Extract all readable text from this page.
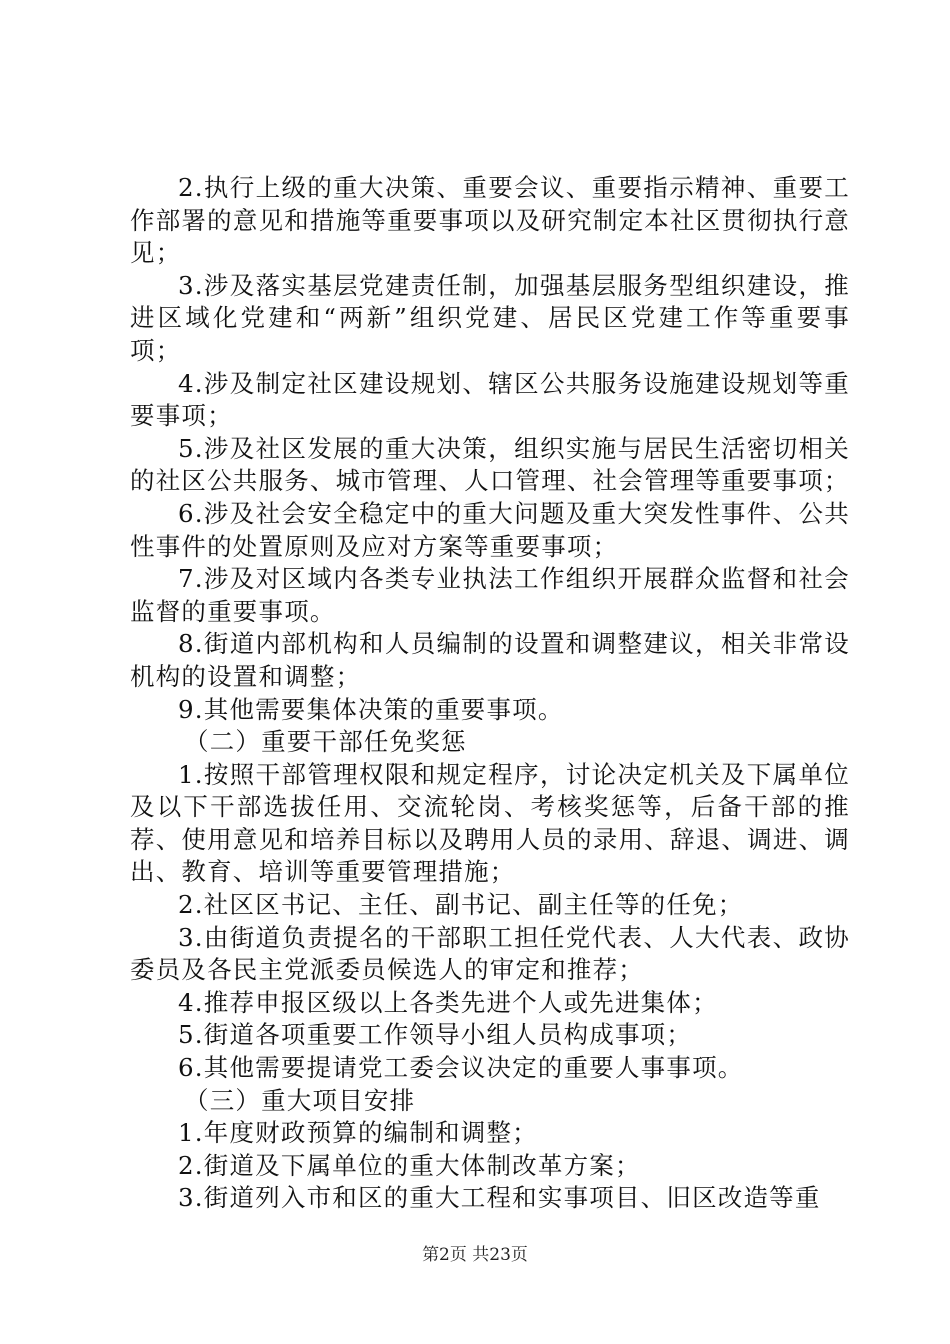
2.执行上级的重大决策、重要会议、重要指示精神、重要工作部署的意见和措施等重要事项以及研究制定本社区贯彻执行意见；

3.涉及落实基层党建责任制，加强基层服务型组织建设，推进区域化党建和“两新”组织党建、居民区党建工作等重要事项；

4.涉及制定社区建设规划、辖区公共服务设施建设规划等重要事项；

5.涉及社区发展的重大决策，组织实施与居民生活密切相关的社区公共服务、城市管理、人口管理、社会管理等重要事项；

6.涉及社会安全稳定中的重大问题及重大突发性事件、公共性事件的处置原则及应对方案等重要事项；

7.涉及对区域内各类专业执法工作组织开展群众监督和社会监督的重要事项。

8.街道内部机构和人员编制的设置和调整建议，相关非常设机构的设置和调整；

9.其他需要集体决策的重要事项。

（二）重要干部任免奖惩

1.按照干部管理权限和规定程序，讨论决定机关及下属单位及以下干部选拔任用、交流轮岗、考核奖惩等，后备干部的推荐、使用意见和培养目标以及聘用人员的录用、辞退、调进、调出、教育、培训等重要管理措施；

2.社区区书记、主任、副书记、副主任等的任免；

3.由街道负责提名的干部职工担任党代表、人大代表、政协委员及各民主党派委员候选人的审定和推荐；

4.推荐申报区级以上各类先进个人或先进集体；

5.街道各项重要工作领导小组人员构成事项；

6.其他需要提请党工委会议决定的重要人事事项。

（三）重大项目安排

1.年度财政预算的编制和调整；

2.街道及下属单位的重大体制改革方案；

3.街道列入市和区的重大工程和实事项目、旧区改造等重

第2页 共23页
